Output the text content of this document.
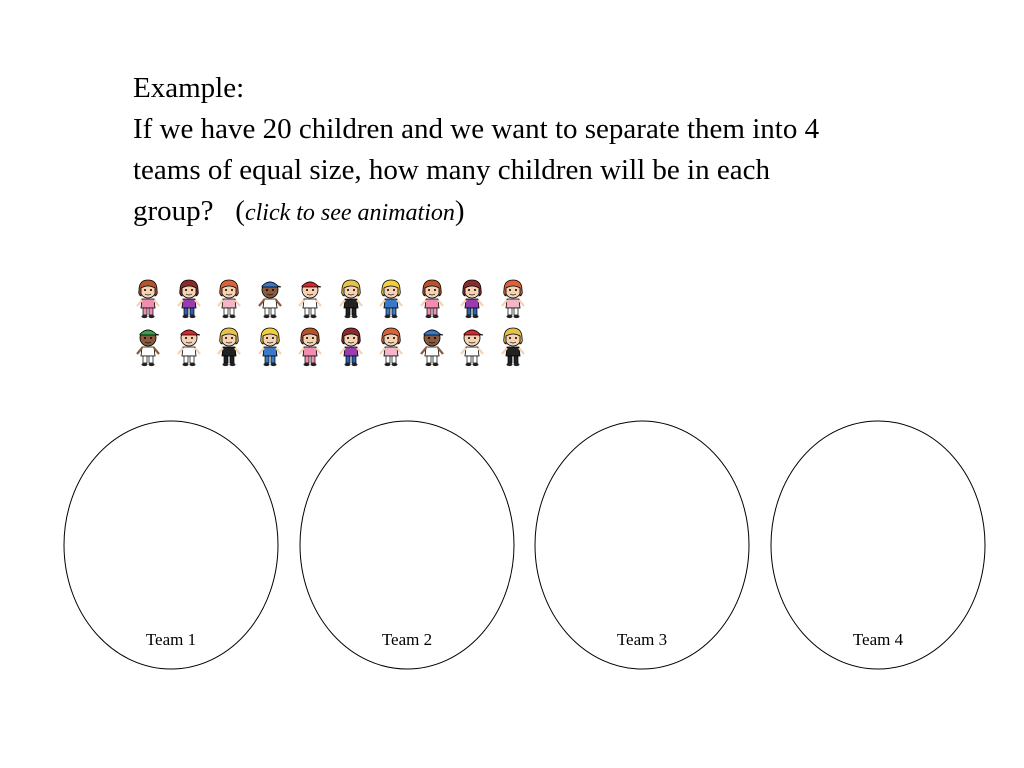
Example:
If we have 20 children and we want to separate them into 4
teams of equal size, how many children will be in each
group? (click to see animation)
Team 1	Team 2	Team 3	Team 4
